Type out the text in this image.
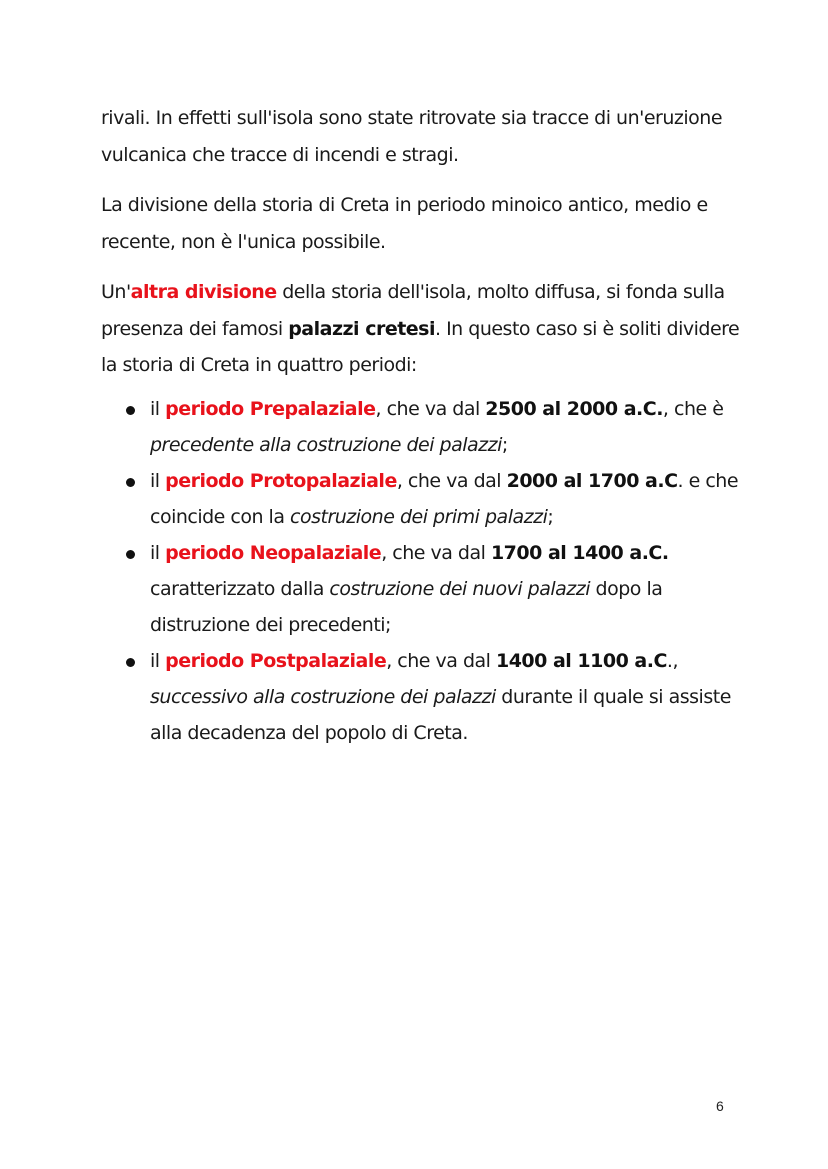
rivali. In effetti sull'isola sono state ritrovate sia tracce di un'eruzione vulcanica che tracce di incendi e stragi.

La divisione della storia di Creta in periodo minoico antico, medio e recente, non è l'unica possibile.

Un'altra divisione della storia dell'isola, molto diffusa, si fonda sulla presenza dei famosi palazzi cretesi. In questo caso si è soliti dividere la storia di Creta in quattro periodi:

il periodo Prepalaziale, che va dal 2500 al 2000 a.C., che è precedente alla costruzione dei palazzi;
il periodo Protopalaziale, che va dal 2000 al 1700 a.C. e che coincide con la costruzione dei primi palazzi;
il periodo Neopalaziale, che va dal 1700 al 1400 a.C. caratterizzato dalla costruzione dei nuovi palazzi dopo la distruzione dei precedenti;
il periodo Postpalaziale, che va dal 1400 al 1100 a.C., successivo alla costruzione dei palazzi durante il quale si assiste alla decadenza del popolo di Creta.
6
